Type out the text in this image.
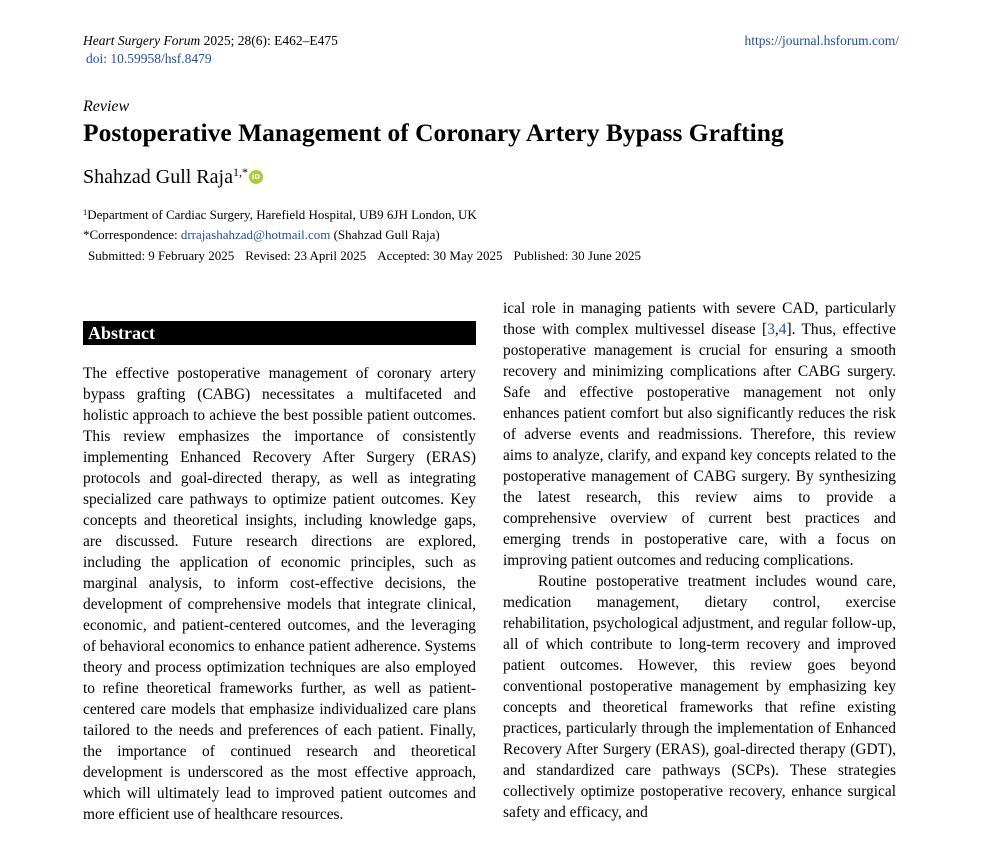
Heart Surgery Forum 2025; 28(6): E462–E475
doi: 10.59958/hsf.8479
https://journal.hsforum.com/
Review
Postoperative Management of Coronary Artery Bypass Grafting
Shahzad Gull Raja$^{1,*}$ iD
$^1$Department of Cardiac Surgery, Harefield Hospital, UB9 6JH London, UK
*Correspondence: drrajashahzad@hotmail.com (Shahzad Gull Raja)
Submitted: 9 February 2025 Revised: 23 April 2025 Accepted: 30 May 2025 Published: 30 June 2025
Abstract

The effective postoperative management of coronary artery bypass grafting (CABG) necessitates a multifaceted and holistic approach to achieve the best possible patient outcomes. This review emphasizes the importance of consistently implementing Enhanced Recovery After Surgery (ERAS) protocols and goal-directed therapy, as well as integrating specialized care pathways to optimize patient outcomes. Key concepts and theoretical insights, including knowledge gaps, are discussed. Future research directions are explored, including the application of economic principles, such as marginal analysis, to inform cost-effective decisions, the development of comprehensive models that integrate clinical, economic, and patient-centered outcomes, and the leveraging of behavioral economics to enhance patient adherence. Systems theory and process optimization techniques are also employed to refine theoretical frameworks further, as well as patient-centered care models that emphasize individualized care plans tailored to the needs and preferences of each patient. Finally, the importance of continued research and theoretical development is underscored as the most effective approach, which will ultimately lead to improved patient outcomes and more efficient use of healthcare resources.

ical role in managing patients with severe CAD, particularly those with complex multivessel disease [3,4]. Thus, effective postoperative management is crucial for ensuring a smooth recovery and minimizing complications after CABG surgery. Safe and effective postoperative management not only enhances patient comfort but also significantly reduces the risk of adverse events and readmissions. Therefore, this review aims to analyze, clarify, and expand key concepts related to the postoperative management of CABG surgery. By synthesizing the latest research, this review aims to provide a comprehensive overview of current best practices and emerging trends in postoperative care, with a focus on improving patient outcomes and reducing complications.

Routine postoperative treatment includes wound care, medication management, dietary control, exercise rehabilitation, psychological adjustment, and regular follow-up, all of which contribute to long-term recovery and improved patient outcomes. However, this review goes beyond conventional postoperative management by emphasizing key concepts and theoretical frameworks that refine existing practices, particularly through the implementation of Enhanced Recovery After Surgery (ERAS), goal-directed therapy (GDT), and standardized care pathways (SCPs). These strategies collectively optimize postoperative recovery, enhance surgical safety and efficacy, and
